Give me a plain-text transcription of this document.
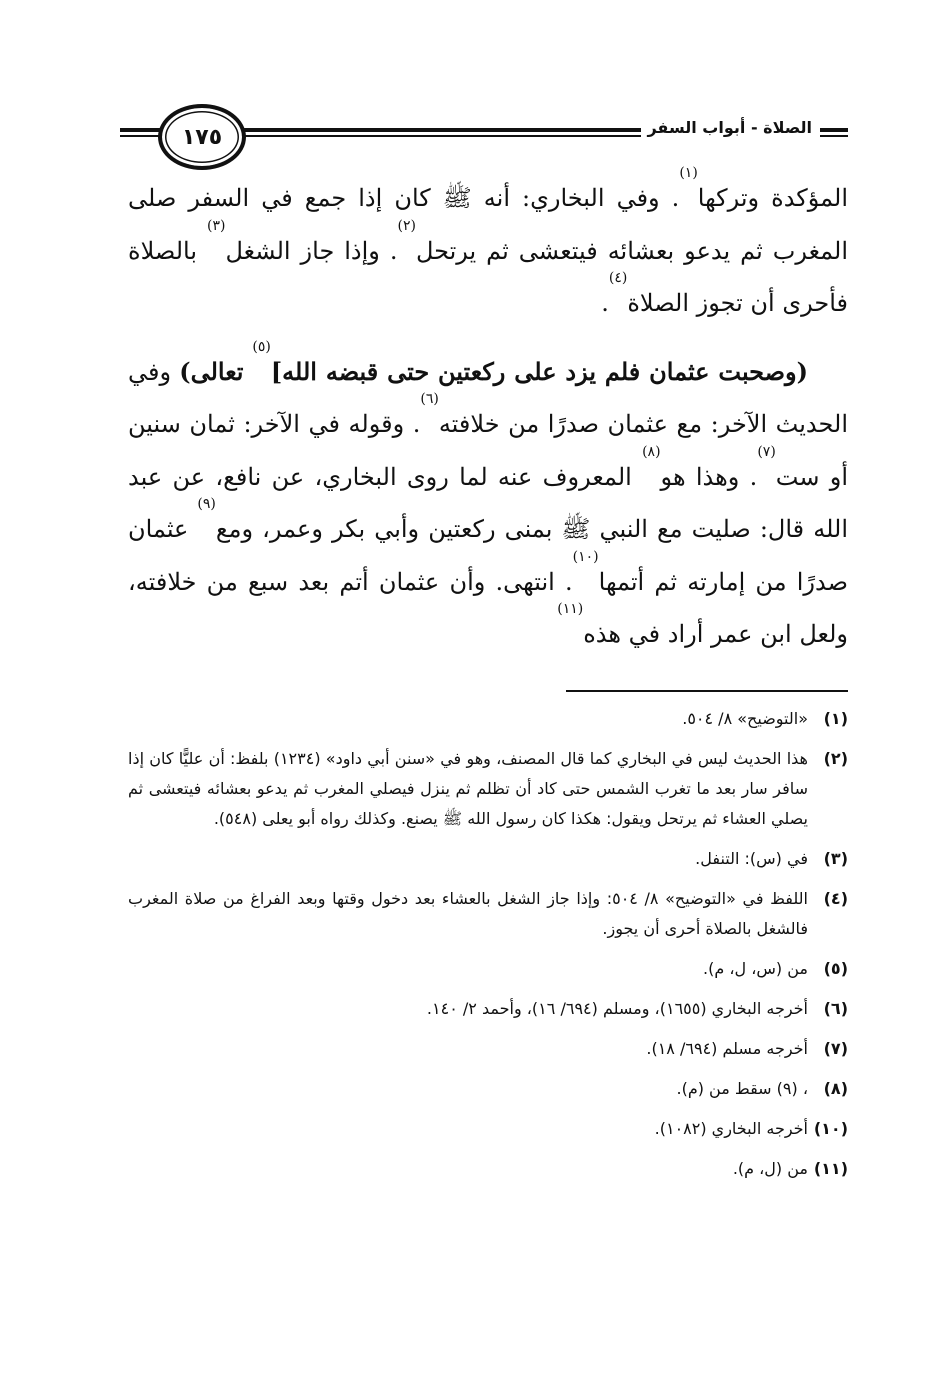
١٧٥	الصلاة - أبواب السفر

المؤكدة وتركها$^{(١)}$. وفي البخاري: أنه ﷺ كان إذا جمع في السفر صلى المغرب ثم يدعو بعشائه فيتعشى ثم يرتحل$^{(٢)}$. وإذا جاز الشغل$^{(٣)}$ بالصلاة فأحرى أن تجوز الصلاة$^{(٤)}$.

(وصحبت عثمان فلم يزد على ركعتين حتى قبضه الله]$^{(٥)}$ تعالى) وفي الحديث الآخر: مع عثمان صدرًا من خلافته$^{(٦)}$. وقوله في الآخر: ثمان سنين أو ست$^{(٧)}$. وهذا هو$^{(٨)}$ المعروف عنه لما روى البخاري، عن نافع، عن عبد الله قال: صليت مع النبي ﷺ بمنى ركعتين وأبي بكر وعمر، ومع$^{(٩)}$ عثمان صدرًا من إمارته ثم أتمها$^{(١٠)}$. انتهى. وأن عثمان أتم بعد سبع من خلافته، ولعل ابن عمر أراد في هذه$^{(١١)}$

(١)
«التوضيح» ٨/ ٥٠٤.
(٢)
هذا الحديث ليس في البخاري كما قال المصنف، وهو في «سنن أبي داود» (١٢٣٤) بلفظ: أن عليًّا كان إذا سافر سار بعد ما تغرب الشمس حتى كاد أن تظلم ثم ينزل فيصلي المغرب ثم يدعو بعشائه فيتعشى ثم يصلي العشاء ثم يرتحل ويقول: هكذا كان رسول الله ﷺ يصنع. وكذلك رواه أبو يعلى (٥٤٨).
(٣)
في (س): التنفل.
(٤)
اللفظ في «التوضيح» ٨/ ٥٠٤: وإذا جاز الشغل بالعشاء بعد دخول وقتها وبعد الفراغ من صلاة المغرب فالشغل بالصلاة أحرى أن يجوز.
(٥)
من (س، ل، م).
(٦)
أخرجه البخاري (١٦٥٥)، ومسلم (٦٩٤/ ١٦)، وأحمد ٢/ ١٤٠.
(٧)
أخرجه مسلم (٦٩٤/ ١٨).
(٨)
، (٩) سقط من (م).
(١٠)
أخرجه البخاري (١٠٨٢).
(١١)
من (ل، م).
